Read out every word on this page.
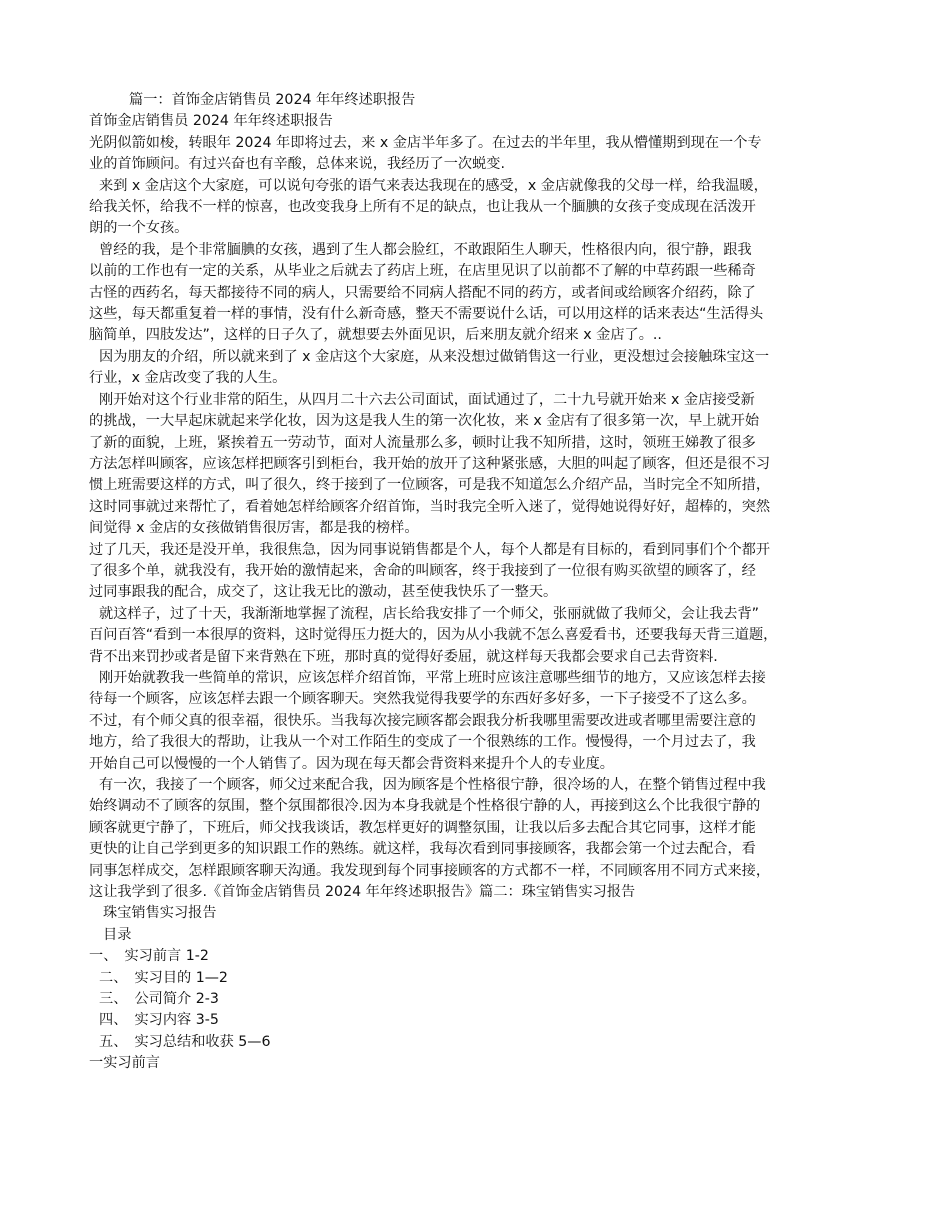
篇一：首饰金店销售员 2024 年年终述职报告
首饰金店销售员 2024 年年终述职报告
光阴似箭如梭，转眼年 2024 年即将过去，来 x 金店半年多了。在过去的半年里，我从懵懂期到现在一个专
业的首饰顾问。有过兴奋也有辛酸，总体来说，我经历了一次蜕变.
来到 x 金店这个大家庭，可以说句夸张的语气来表达我现在的感受，x 金店就像我的父母一样，给我温暖，
给我关怀，给我不一样的惊喜，也改变我身上所有不足的缺点，也让我从一个腼腆的女孩子变成现在活泼开
朗的一个女孩。
曾经的我，是个非常腼腆的女孩，遇到了生人都会脸红，不敢跟陌生人聊天，性格很内向，很宁静，跟我
以前的工作也有一定的关系，从毕业之后就去了药店上班，在店里见识了以前都不了解的中草药跟一些稀奇
古怪的西药名，每天都接待不同的病人，只需要给不同病人搭配不同的药方，或者间或给顾客介绍药，除了
这些，每天都重复着一样的事情，没有什么新奇感，整天不需要说什么话，可以用这样的话来表达“生活得头
脑简单，四肢发达”，这样的日子久了，就想要去外面见识，后来朋友就介绍来 x 金店了。..
因为朋友的介绍，所以就来到了 x 金店这个大家庭，从来没想过做销售这一行业，更没想过会接触珠宝这一
行业，x 金店改变了我的人生。
刚开始对这个行业非常的陌生，从四月二十六去公司面试，面试通过了，二十九号就开始来 x 金店接受新
的挑战，一大早起床就起来学化妆，因为这是我人生的第一次化妆，来 x 金店有了很多第一次，早上就开始
了新的面貌，上班，紧挨着五一劳动节，面对人流量那么多，顿时让我不知所措，这时，领班王娣教了很多
方法怎样叫顾客，应该怎样把顾客引到柜台，我开始的放开了这种紧张感，大胆的叫起了顾客，但还是很不习
惯上班需要这样的方式，叫了很久，终于接到了一位顾客，可是我不知道怎么介绍产品，当时完全不知所措，
这时同事就过来帮忙了，看着她怎样给顾客介绍首饰，当时我完全听入迷了，觉得她说得好好，超棒的，突然
间觉得 x 金店的女孩做销售很厉害，都是我的榜样。
过了几天，我还是没开单，我很焦急，因为同事说销售都是个人，每个人都是有目标的，看到同事们个个都开
了很多个单，就我没有，我开始的激情起来，舍命的叫顾客，终于我接到了一位很有购买欲望的顾客了，经
过同事跟我的配合，成交了，这让我无比的激动，甚至使我快乐了一整天。
就这样子，过了十天，我渐渐地掌握了流程，店长给我安排了一个师父，张丽就做了我师父，会让我去背”
百问百答“看到一本很厚的资料，这时觉得压力挺大的，因为从小我就不怎么喜爱看书，还要我每天背三道题，
背不出来罚抄或者是留下来背熟在下班，那时真的觉得好委屈，就这样每天我都会要求自己去背资料.
刚开始就教我一些简单的常识，应该怎样介绍首饰，平常上班时应该注意哪些细节的地方，又应该怎样去接
待每一个顾客，应该怎样去跟一个顾客聊天。突然我觉得我要学的东西好多好多，一下子接受不了这么多。
不过，有个师父真的很幸福，很快乐。当我每次接完顾客都会跟我分析我哪里需要改进或者哪里需要注意的
地方，给了我很大的帮助，让我从一个对工作陌生的变成了一个很熟练的工作。慢慢得，一个月过去了，我
开始自己可以慢慢的一个人销售了。因为现在每天都会背资料来提升个人的专业度。
有一次，我接了一个顾客，师父过来配合我，因为顾客是个性格很宁静，很冷场的人，在整个销售过程中我
始终调动不了顾客的氛围，整个氛围都很冷.因为本身我就是个性格很宁静的人，再接到这么个比我很宁静的
顾客就更宁静了，下班后，师父找我谈话，教怎样更好的调整氛围，让我以后多去配合其它同事，这样才能
更快的让自己学到更多的知识跟工作的熟练。就这样，我每次看到同事接顾客，我都会第一个过去配合，看
同事怎样成交，怎样跟顾客聊天沟通。我发现到每个同事接顾客的方式都不一样，不同顾客用不同方式来接，
这让我学到了很多.《首饰金店销售员 2024 年年终述职报告》篇二：珠宝销售实习报告
珠宝销售实习报告
目录
一、　实习前言 1-2
二、　实习目的 1—2
三、　公司简介 2-3
四、　实习内容 3-5
五、　实习总结和收获 5—6
一实习前言
